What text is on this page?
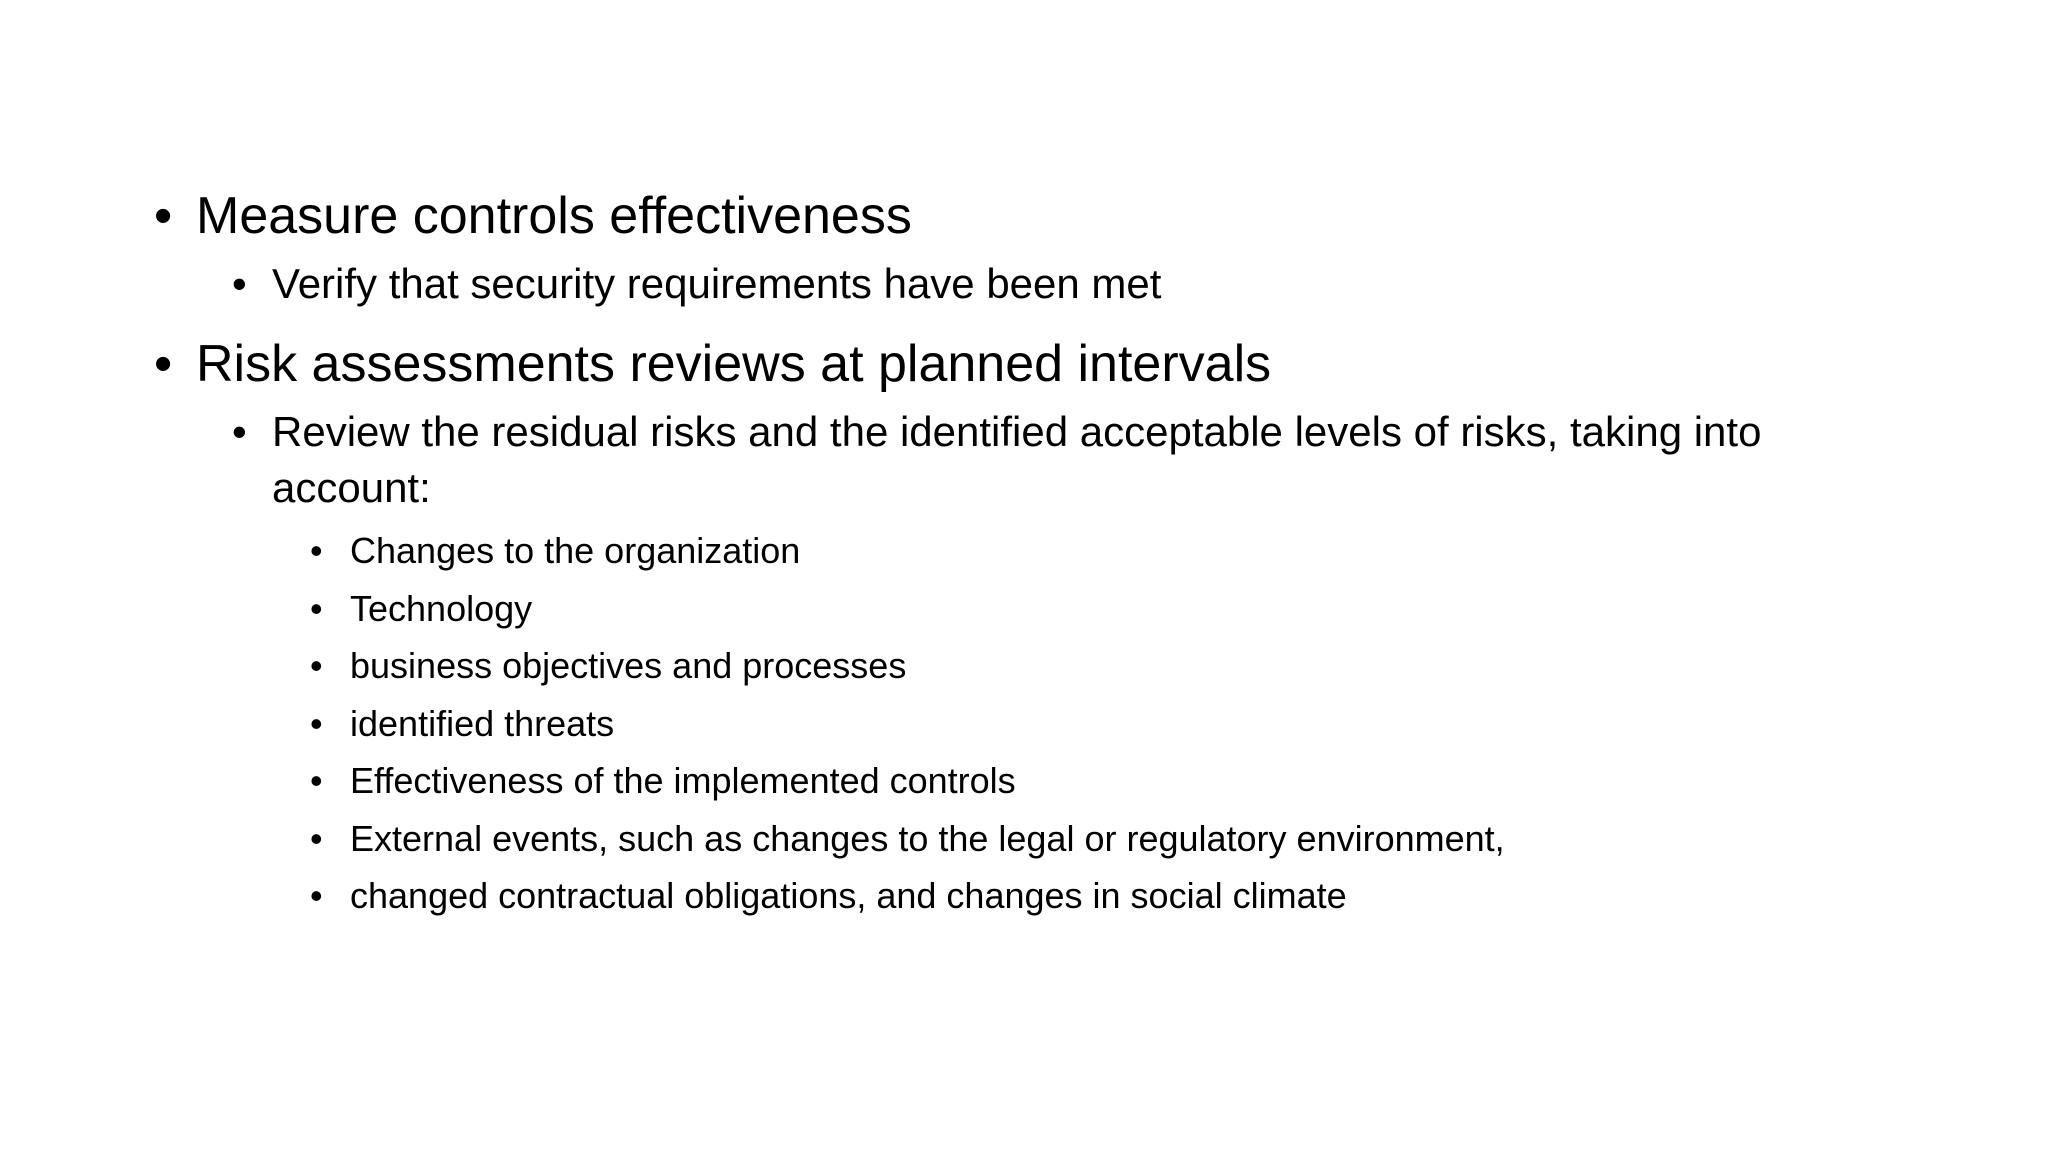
• Measure controls effectiveness
• Verify that security requirements have been met
• Risk assessments reviews at planned intervals
• Review the residual risks and the identified acceptable levels of risks, taking into account:
• Changes to the organization
• Technology
• business objectives and processes
• identified threats
• Effectiveness of the implemented controls
• External events, such as changes to the legal or regulatory environment,
• changed contractual obligations, and changes in social climate
